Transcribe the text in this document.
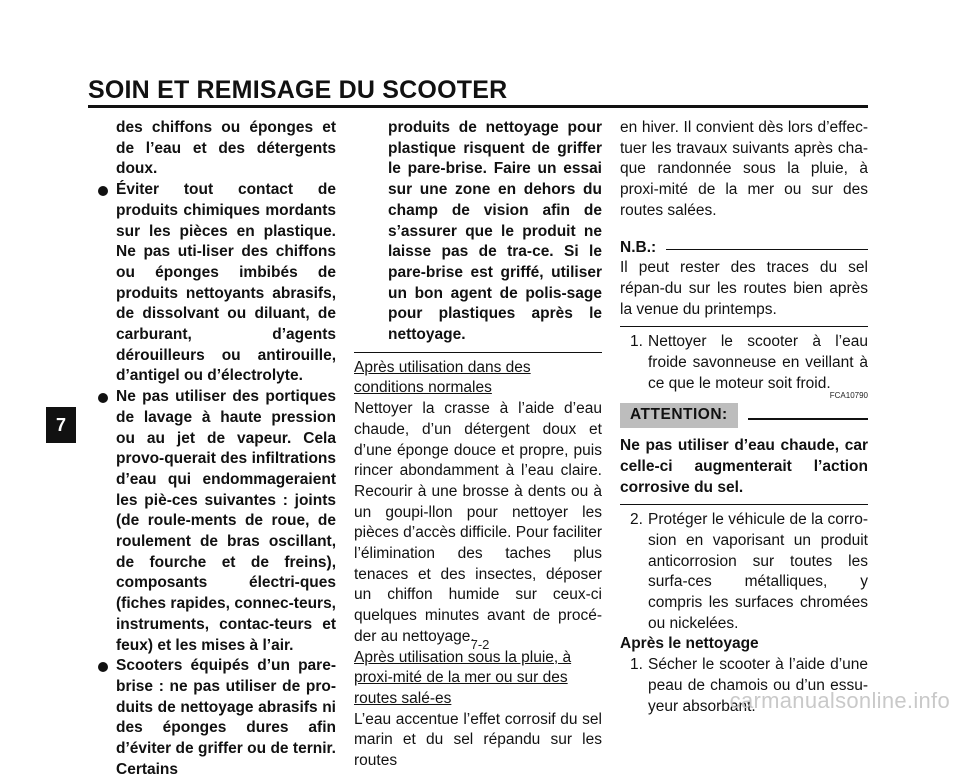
SOIN ET REMISAGE DU SCOOTER
7

des chiffons ou éponges et de l’eau et des détergents doux.

Éviter tout contact de produits chimiques mordants sur les pièces en plastique. Ne pas uti-liser des chiffons ou éponges imbibés de produits nettoyants abrasifs, de dissolvant ou diluant, de carburant, d’agents dérouilleurs ou antirouille, d’antigel ou d’électrolyte.

Ne pas utiliser des portiques de lavage à haute pression ou au jet de vapeur. Cela provo-querait des infiltrations d’eau qui endommageraient les piè-ces suivantes : joints (de roule-ments de roue, de roulement de bras oscillant, de fourche et de freins), composants électri-ques (fiches rapides, connec-teurs, instruments, contac-teurs et feux) et les mises à l’air.

Scooters équipés d’un pare-brise : ne pas utiliser de pro-duits de nettoyage abrasifs ni des éponges dures afin d’éviter de griffer ou de ternir. Certains

produits de nettoyage pour plastique risquent de griffer le pare-brise. Faire un essai sur une zone en dehors du champ de vision afin de s’assurer que le produit ne laisse pas de tra-ce. Si le pare-brise est griffé, utiliser un bon agent de polis-sage pour plastiques après le nettoyage.

Après utilisation dans des conditions normales

Nettoyer la crasse à l’aide d’eau chaude, d’un détergent doux et d’une éponge douce et propre, puis rincer abondamment à l’eau claire. Recourir à une brosse à dents ou à un goupi-llon pour nettoyer les pièces d’accès difficile. Pour faciliter l’élimination des taches plus tenaces et des insectes, déposer un chiffon humide sur ceux-ci quelques minutes avant de procé-der au nettoyage.

Après utilisation sous la pluie, à proxi-mité de la mer ou sur des routes salé-es

L’eau accentue l’effet corrosif du sel marin et du sel répandu sur les routes

en hiver. Il convient dès lors d’effec-tuer les travaux suivants après cha-que randonnée sous la pluie, à proxi-mité de la mer ou sur des routes salées.

N.B.:

Il peut rester des traces du sel répan-du sur les routes bien après la venue du printemps.

1. Nettoyer le scooter à l’eau froide savonneuse en veillant à ce que le moteur soit froid.

FCA10790
ATTENTION:

Ne pas utiliser d’eau chaude, car celle-ci augmenterait l’action corrosive du sel.

2. Protéger le véhicule de la corro-sion en vaporisant un produit anticorrosion sur toutes les surfa-ces métalliques, y compris les surfaces chromées ou nickelées.

Après le nettoyage

1. Sécher le scooter à l’aide d’une peau de chamois ou d’un essu-yeur absorbant.

7-2
carmanualsonline.info
